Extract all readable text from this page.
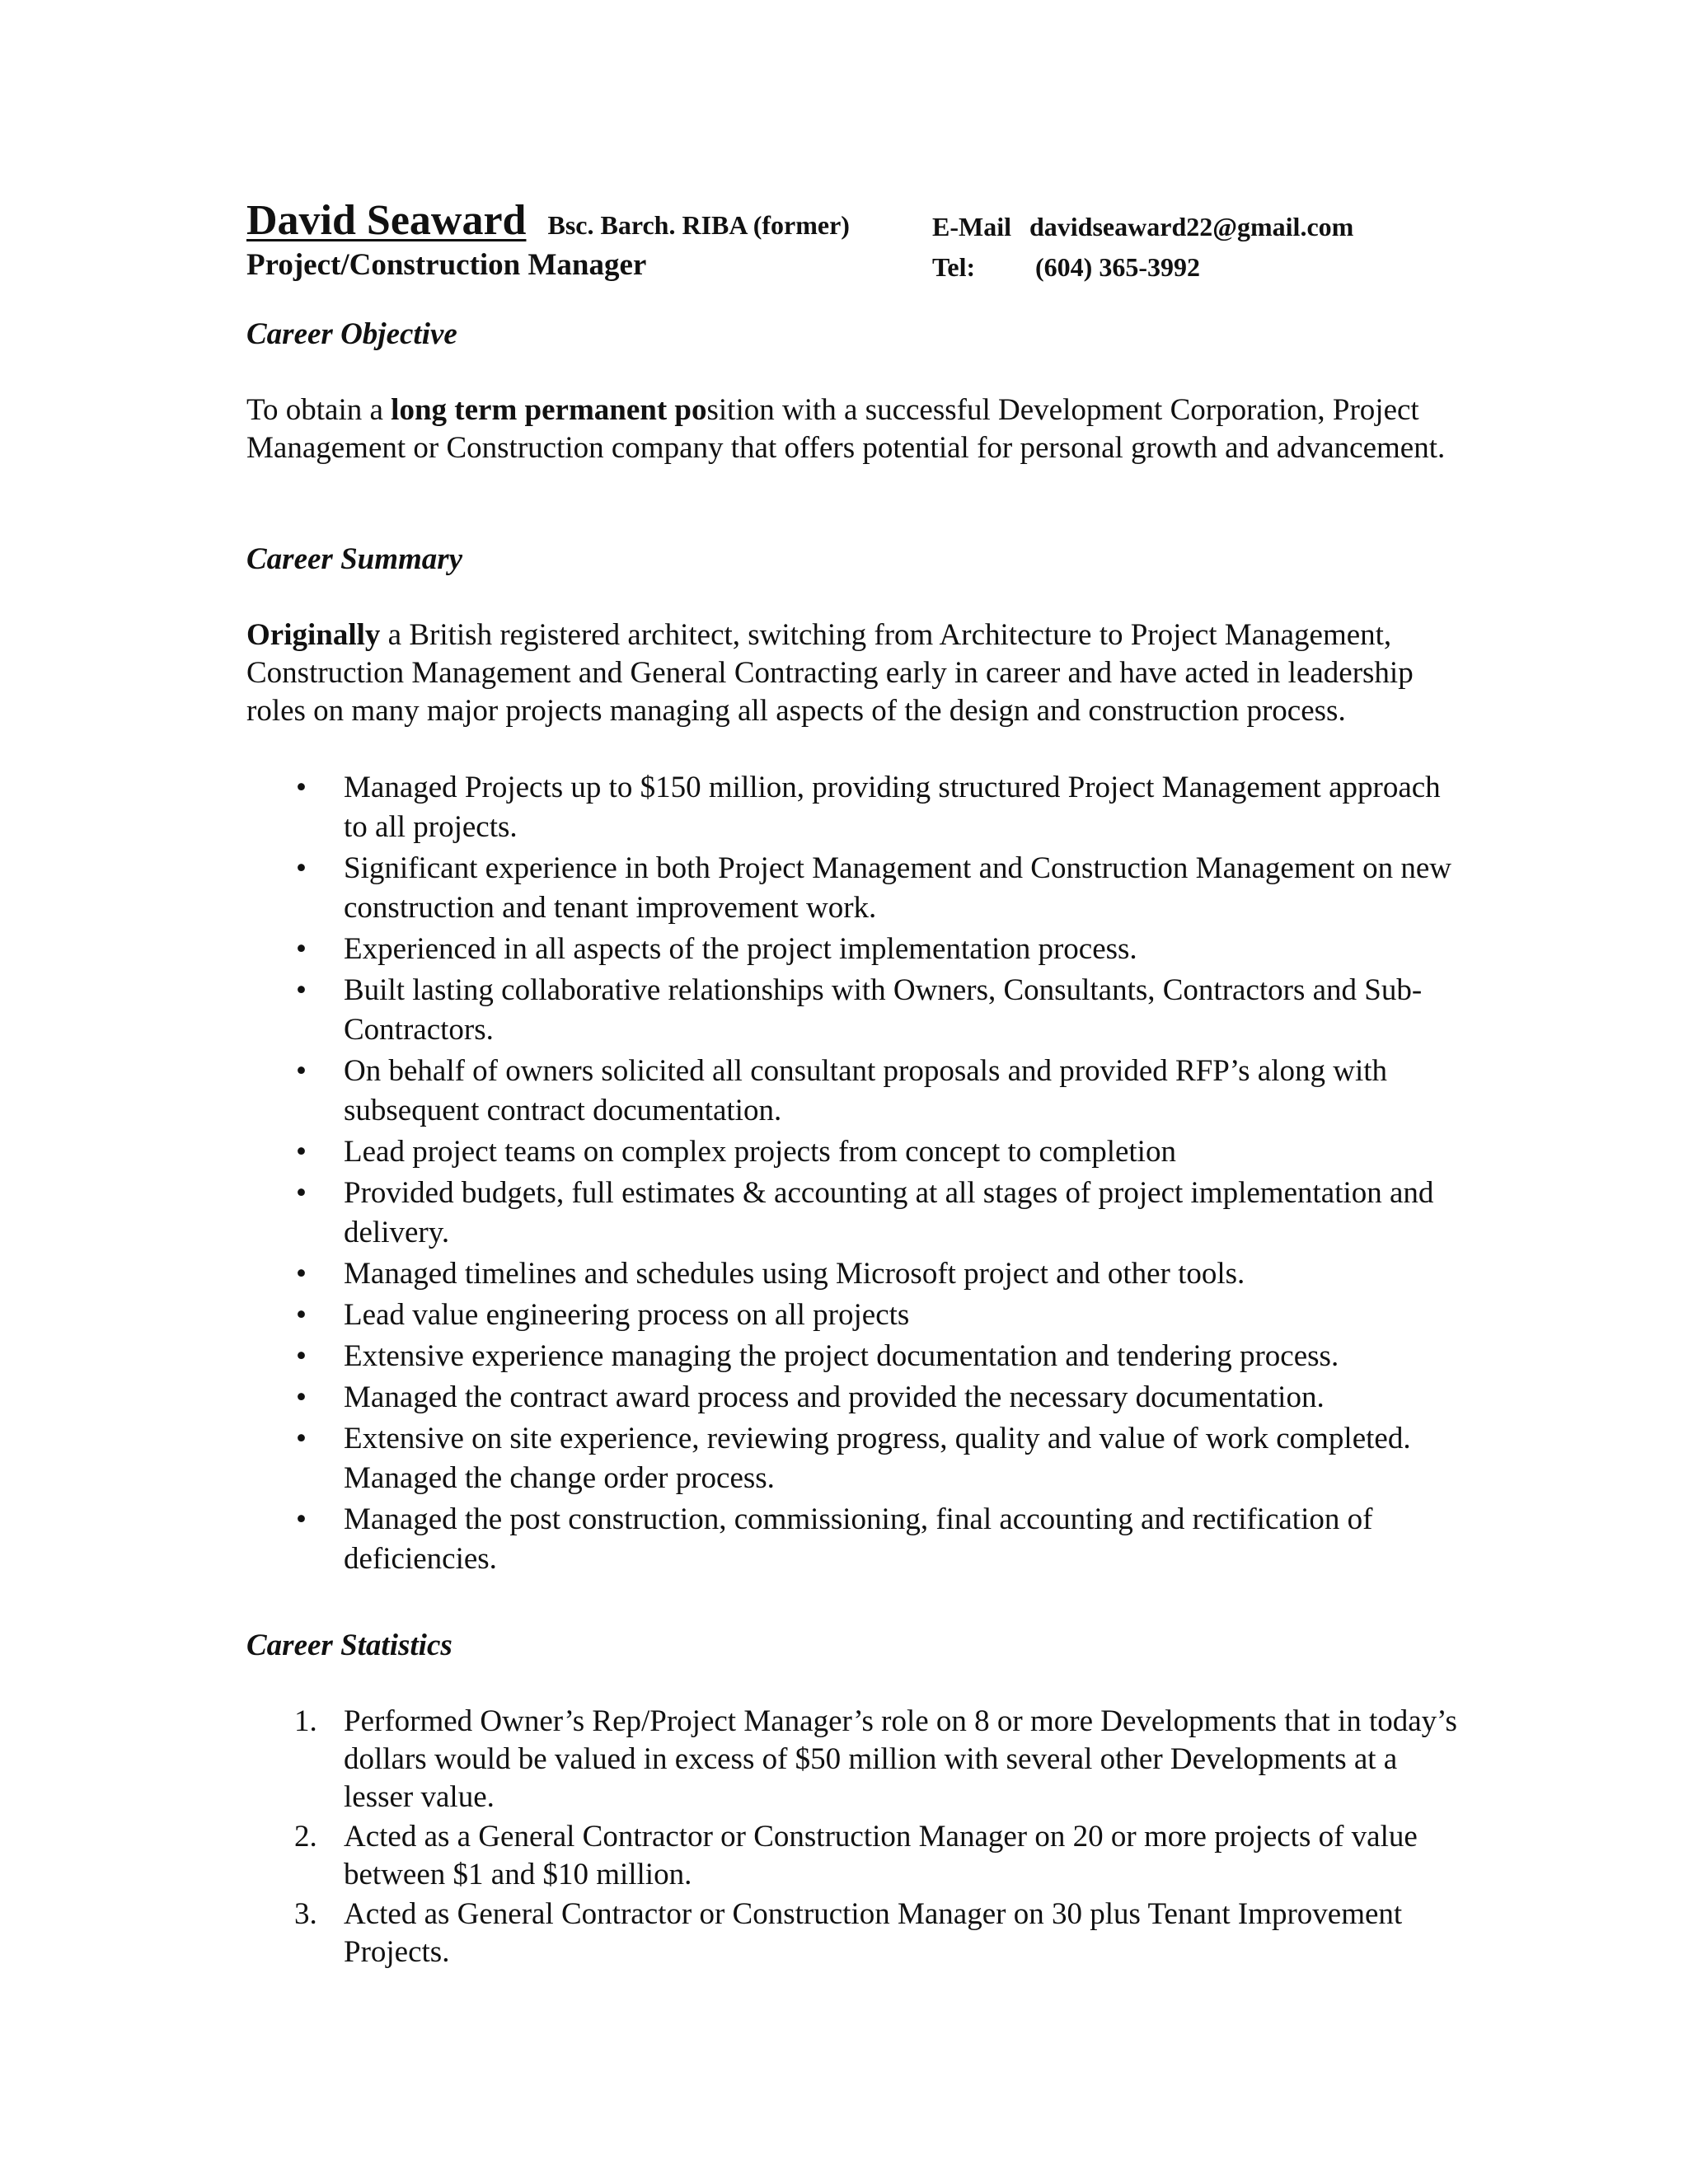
David Seaward Bsc. Barch. RIBA (former)
Project/Construction Manager
E-Mail davidseaward22@gmail.com
Tel: (604) 365-3992
Career Objective
To obtain a long term permanent position with a successful Development Corporation, Project Management or Construction company that offers potential for personal growth and advancement.
Career Summary
Originally a British registered architect, switching from Architecture to Project Management, Construction Management and General Contracting early in career and have acted in leadership roles on many major projects managing all aspects of the design and construction process.
• Managed Projects up to $150 million, providing structured Project Management approach to all projects.
• Significant experience in both Project Management and Construction Management on new construction and tenant improvement work.
• Experienced in all aspects of the project implementation process.
• Built lasting collaborative relationships with Owners, Consultants, Contractors and Sub-Contractors.
• On behalf of owners solicited all consultant proposals and provided RFP’s along with subsequent contract documentation.
• Lead project teams on complex projects from concept to completion
• Provided budgets, full estimates & accounting at all stages of project implementation and delivery.
• Managed timelines and schedules using Microsoft project and other tools.
• Lead value engineering process on all projects
• Extensive experience managing the project documentation and tendering process.
• Managed the contract award process and provided the necessary documentation.
• Extensive on site experience, reviewing progress, quality and value of work completed. Managed the change order process.
• Managed the post construction, commissioning, final accounting and rectification of deficiencies.
Career Statistics
1. Performed Owner’s Rep/Project Manager’s role on 8 or more Developments that in today’s dollars would be valued in excess of $50 million with several other Developments at a lesser value.
2. Acted as a General Contractor or Construction Manager on 20 or more projects of value between $1 and $10 million.
3. Acted as General Contractor or Construction Manager on 30 plus Tenant Improvement Projects.
